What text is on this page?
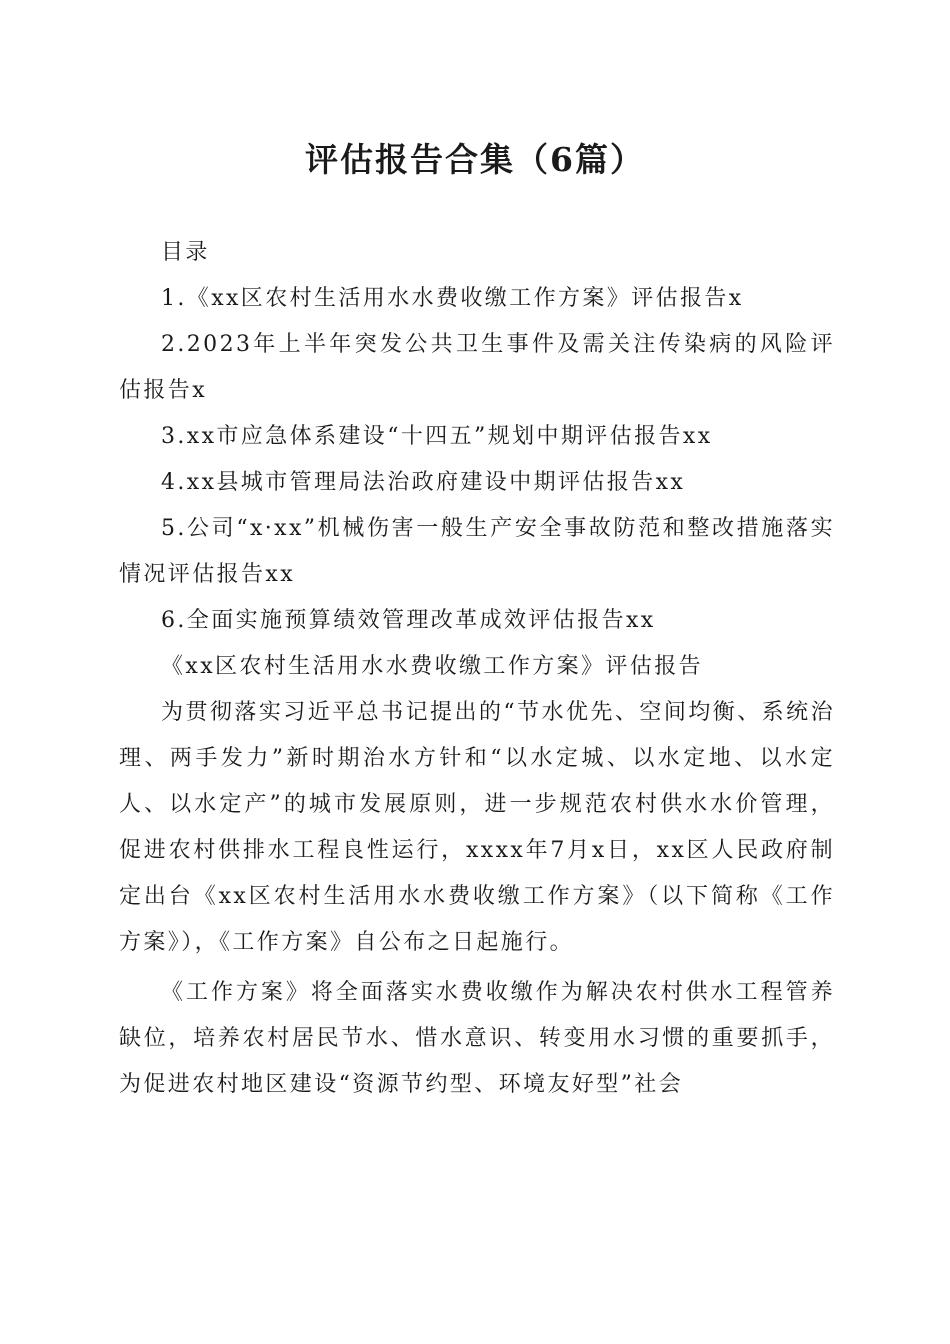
评估报告合集（6篇）

目录

1.《xx区农村生活用水水费收缴工作方案》评估报告x

2.2023年上半年突发公共卫生事件及需关注传染病的风险评估报告x

3.xx市应急体系建设“十四五”规划中期评估报告xx

4.xx县城市管理局法治政府建设中期评估报告xx

5.公司“x·xx”机械伤害一般生产安全事故防范和整改措施落实情况评估报告xx

6.全面实施预算绩效管理改革成效评估报告xx

《xx区农村生活用水水费收缴工作方案》评估报告

为贯彻落实习近平总书记提出的“节水优先、空间均衡、系统治理、两手发力”新时期治水方针和“以水定城、以水定地、以水定人、以水定产”的城市发展原则，进一步规范农村供水水价管理，促进农村供排水工程良性运行，xxxx年7月x日，xx区人民政府制定出台《xx区农村生活用水水费收缴工作方案》（以下简称《工作方案》），《工作方案》自公布之日起施行。

《工作方案》将全面落实水费收缴作为解决农村供水工程管养缺位，培养农村居民节水、惜水意识、转变用水习惯的重要抓手，为促进农村地区建设“资源节约型、环境友好型”社会
